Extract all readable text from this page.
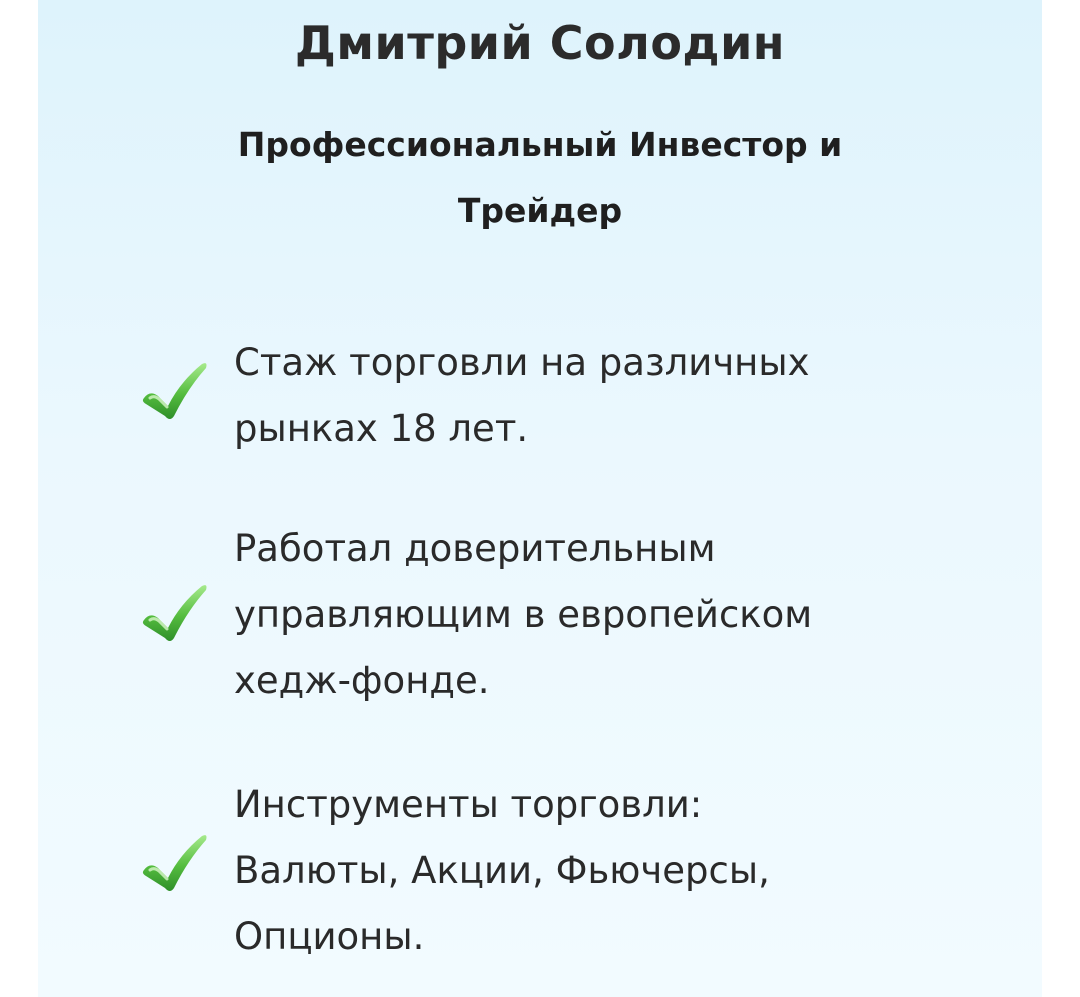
Дмитрий Солодин
Профессиональный Инвестор и
Трейдер
Стаж торговли на различных
рынках 18 лет.
Работал доверительным
управляющим в европейском
хедж-фонде.
Инструменты торговли:
Валюты, Акции, Фьючерсы,
Опционы.
